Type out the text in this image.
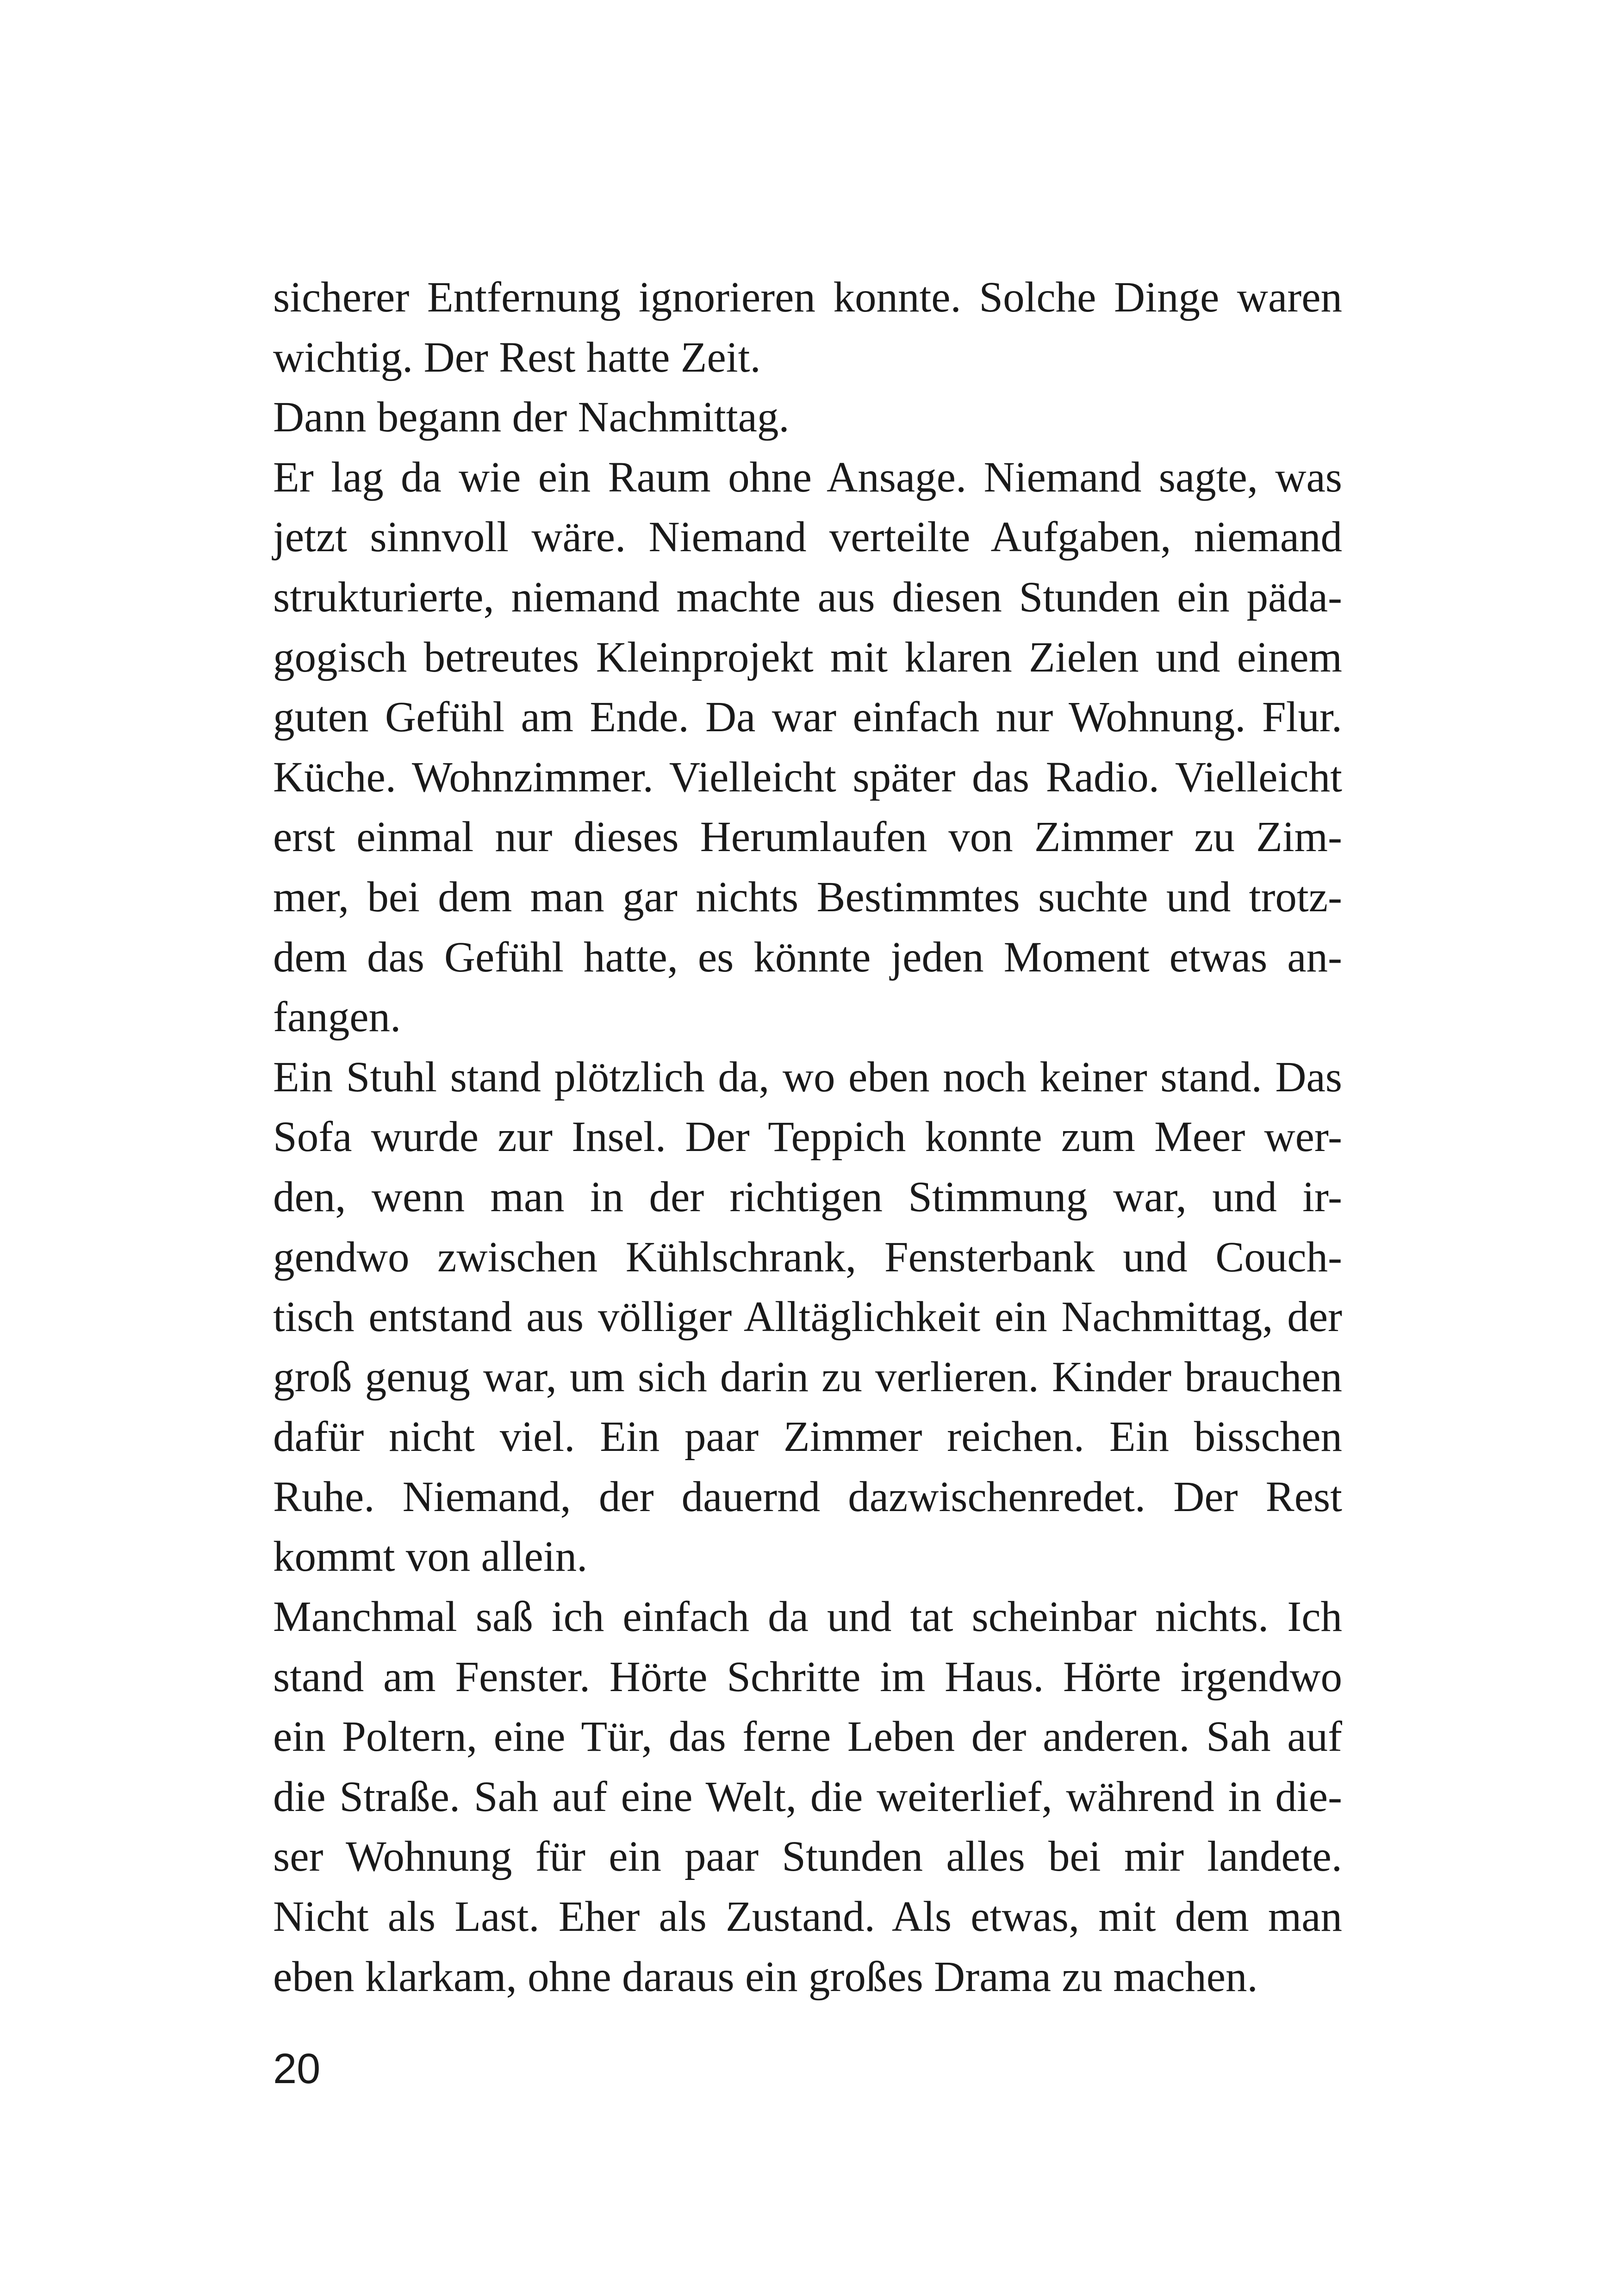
sicherer Entfernung ignorieren konnte. Solche Dinge waren
wichtig. Der Rest hatte Zeit.
Dann begann der Nachmittag.
Er lag da wie ein Raum ohne Ansage. Niemand sagte, was
jetzt sinnvoll wäre. Niemand verteilte Aufgaben, niemand
strukturierte, niemand machte aus diesen Stunden ein päda-
gogisch betreutes Kleinprojekt mit klaren Zielen und einem
guten Gefühl am Ende. Da war einfach nur Wohnung. Flur.
Küche. Wohnzimmer. Vielleicht später das Radio. Vielleicht
erst einmal nur dieses Herumlaufen von Zimmer zu Zim-
mer, bei dem man gar nichts Bestimmtes suchte und trotz-
dem das Gefühl hatte, es könnte jeden Moment etwas an-
fangen.
Ein Stuhl stand plötzlich da, wo eben noch keiner stand. Das
Sofa wurde zur Insel. Der Teppich konnte zum Meer wer-
den, wenn man in der richtigen Stimmung war, und ir-
gendwo zwischen Kühlschrank, Fensterbank und Couch-
tisch entstand aus völliger Alltäglichkeit ein Nachmittag, der
groß genug war, um sich darin zu verlieren. Kinder brauchen
dafür nicht viel. Ein paar Zimmer reichen. Ein bisschen
Ruhe. Niemand, der dauernd dazwischenredet. Der Rest
kommt von allein.
Manchmal saß ich einfach da und tat scheinbar nichts. Ich
stand am Fenster. Hörte Schritte im Haus. Hörte irgendwo
ein Poltern, eine Tür, das ferne Leben der anderen. Sah auf
die Straße. Sah auf eine Welt, die weiterlief, während in die-
ser Wohnung für ein paar Stunden alles bei mir landete.
Nicht als Last. Eher als Zustand. Als etwas, mit dem man
eben klarkam, ohne daraus ein großes Drama zu machen.
20
